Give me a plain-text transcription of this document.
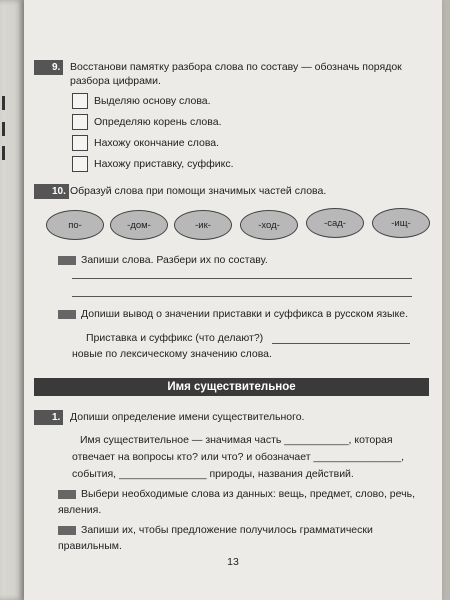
9. Восстанови памятку разбора слова по составу — обозначь порядок разбора цифрами.
Выделяю основу слова.
Определяю корень слова.
Нахожу окончание слова.
Нахожу приставку, суффикс.
10. Образуй слова при помощи значимых частей слова.
по-	-дом-	-ик-	-ход-	-сад-	-ищ-
Запиши слова. Разбери их по составу.
Допиши вывод о значении приставки и суффикса в русском языке.
Приставка и суффикс (что делают?)
новые по лексическому значению слова.
Имя существительное
1. Допиши определение имени существительного.
Имя существительное — значимая часть ___________, которая
отвечает на вопросы кто? или что? и обозначает _______________,
события, _______________ природы, названия действий.
Выбери необходимые слова из данных: вещь, предмет, слово, речь, явления.
Запиши их, чтобы предложение получилось грамматически правильным.
13
